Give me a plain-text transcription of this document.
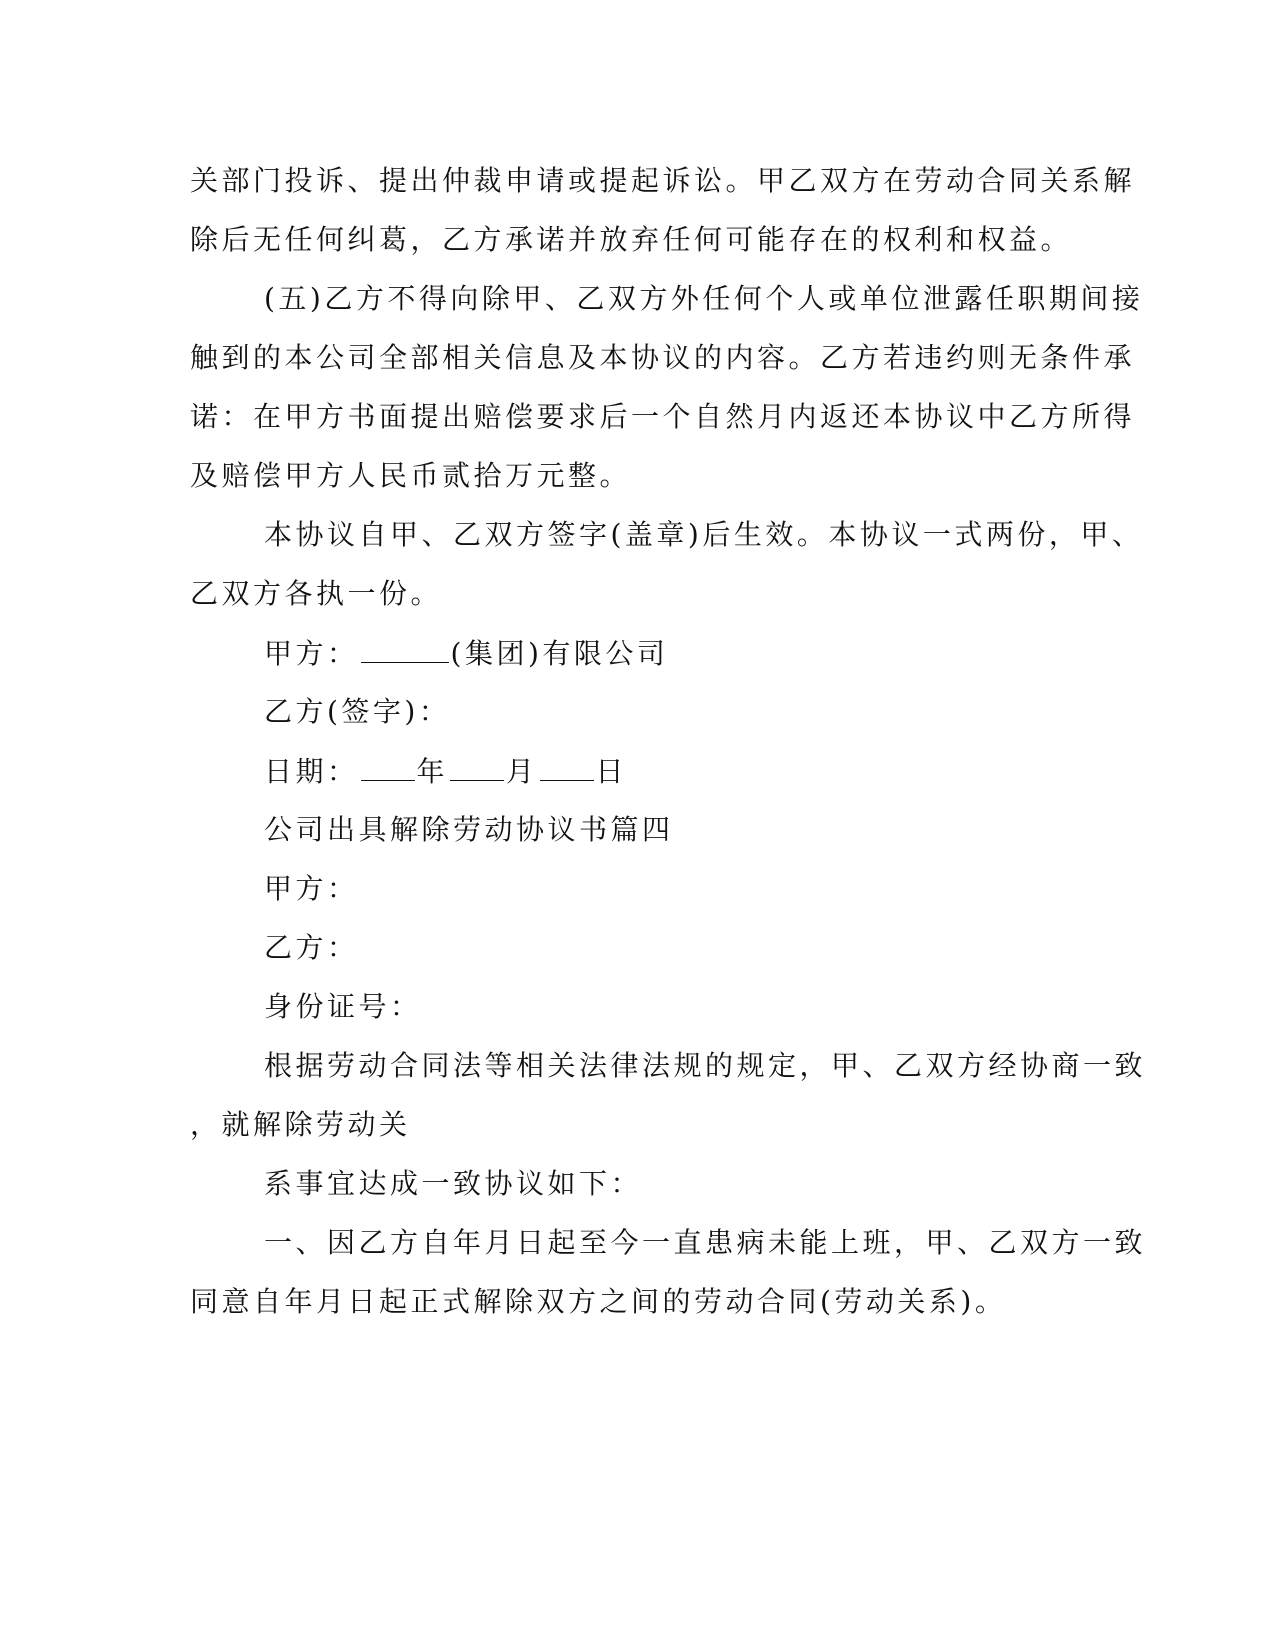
关部门投诉、提出仲裁申请或提起诉讼。甲乙双方在劳动合同关系解
除后无任何纠葛，乙方承诺并放弃任何可能存在的权利和权益。
(五)乙方不得向除甲、乙双方外任何个人或单位泄露任职期间接
触到的本公司全部相关信息及本协议的内容。乙方若违约则无条件承
诺：在甲方书面提出赔偿要求后一个自然月内返还本协议中乙方所得
及赔偿甲方人民币贰拾万元整。
本协议自甲、乙双方签字(盖章)后生效。本协议一式两份，甲、
乙双方各执一份。
甲方：	(集团)有限公司
乙方(签字)：
日期： 年 月 日
公司出具解除劳动协议书篇四
甲方：
乙方：
身份证号：
根据劳动合同法等相关法律法规的规定，甲、乙双方经协商一致
，就解除劳动关
系事宜达成一致协议如下：
一、因乙方自年月日起至今一直患病未能上班，甲、乙双方一致
同意自年月日起正式解除双方之间的劳动合同(劳动关系)。
